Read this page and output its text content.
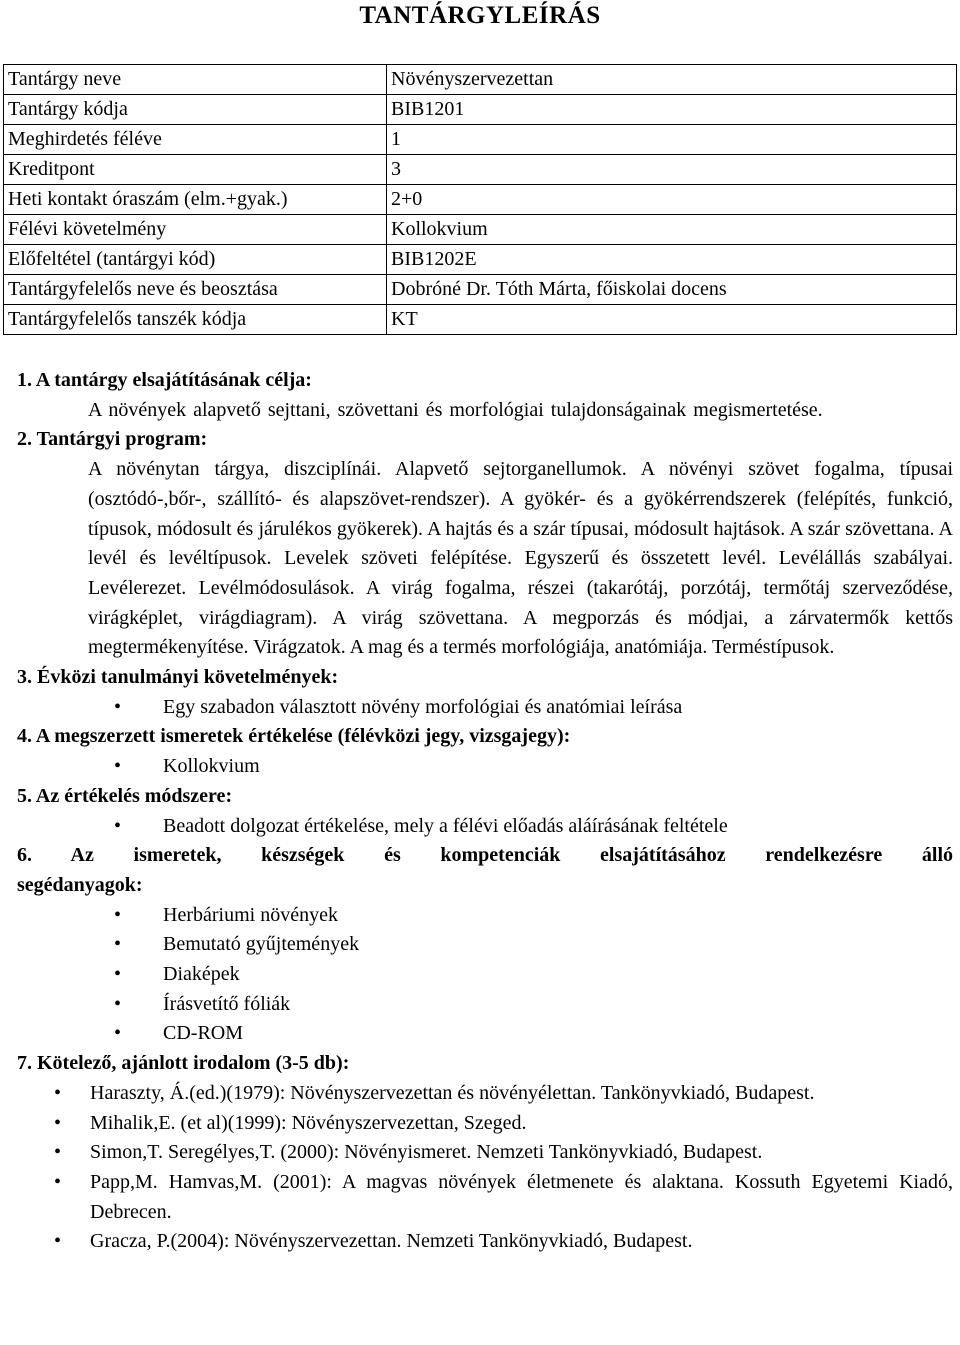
TANTÁRGYLEÍRÁS
Tantárgy neve	Növényszervezettan
Tantárgy kódja	BIB1201
Meghirdetés féléve	1
Kreditpont	3
Heti kontakt óraszám (elm.+gyak.)	2+0
Félévi követelmény	Kollokvium
Előfeltétel (tantárgyi kód)	BIB1202E
Tantárgyfelelős neve és beosztása	Dobróné Dr. Tóth Márta, főiskolai docens
Tantárgyfelelős tanszék kódja	KT
1. A tantárgy elsajátításának célja:
A növények alapvető sejttani, szövettani és morfológiai tulajdonságainak megismertetése.
2. Tantárgyi program:
A növénytan tárgya, diszciplínái. Alapvető sejtorganellumok. A növényi szövet fogalma, típusai (osztódó-,bőr-, szállító- és alapszövet-rendszer). A gyökér- és a gyökérrendszerek (felépítés, funkció, típusok, módosult és járulékos gyökerek). A hajtás és a szár típusai, módosult hajtások. A szár szövettana. A levél és levéltípusok. Levelek szöveti felépítése. Egyszerű és összetett levél. Levélállás szabályai. Levélerezet. Levélmódosulások. A virág fogalma, részei (takarótáj, porzótáj, termőtáj szerveződése, virágképlet, virágdiagram). A virág szövettana. A megporzás és módjai, a zárvatermők kettős megtermékenyítése. Virágzatok. A mag és a termés morfológiája, anatómiája. Terméstípusok.
3. Évközi tanulmányi követelmények:
• Egy szabadon választott növény morfológiai és anatómiai leírása
4. A megszerzett ismeretek értékelése (félévközi jegy, vizsgajegy):
• Kollokvium
5. Az értékelés módszere:
• Beadott dolgozat értékelése, mely a félévi előadás aláírásának feltétele
6. Az ismeretek, készségek és kompetenciák elsajátításához rendelkezésre álló
segédanyagok:
• Herbáriumi növények
• Bemutató gyűjtemények
• Diaképek
• Írásvetítő fóliák
• CD-ROM
7. Kötelező, ajánlott irodalom (3-5 db):
• Haraszty, Á.(ed.)(1979): Növényszervezettan és növényélettan. Tankönyvkiadó, Budapest.
• Mihalik,E. (et al)(1999): Növényszervezettan, Szeged.
• Simon,T. Seregélyes,T. (2000): Növényismeret. Nemzeti Tankönyvkiadó, Budapest.
• Papp,M. Hamvas,M. (2001): A magvas növények életmenete és alaktana. Kossuth Egyetemi Kiadó, Debrecen.
• Gracza, P.(2004): Növényszervezettan. Nemzeti Tankönyvkiadó, Budapest.
